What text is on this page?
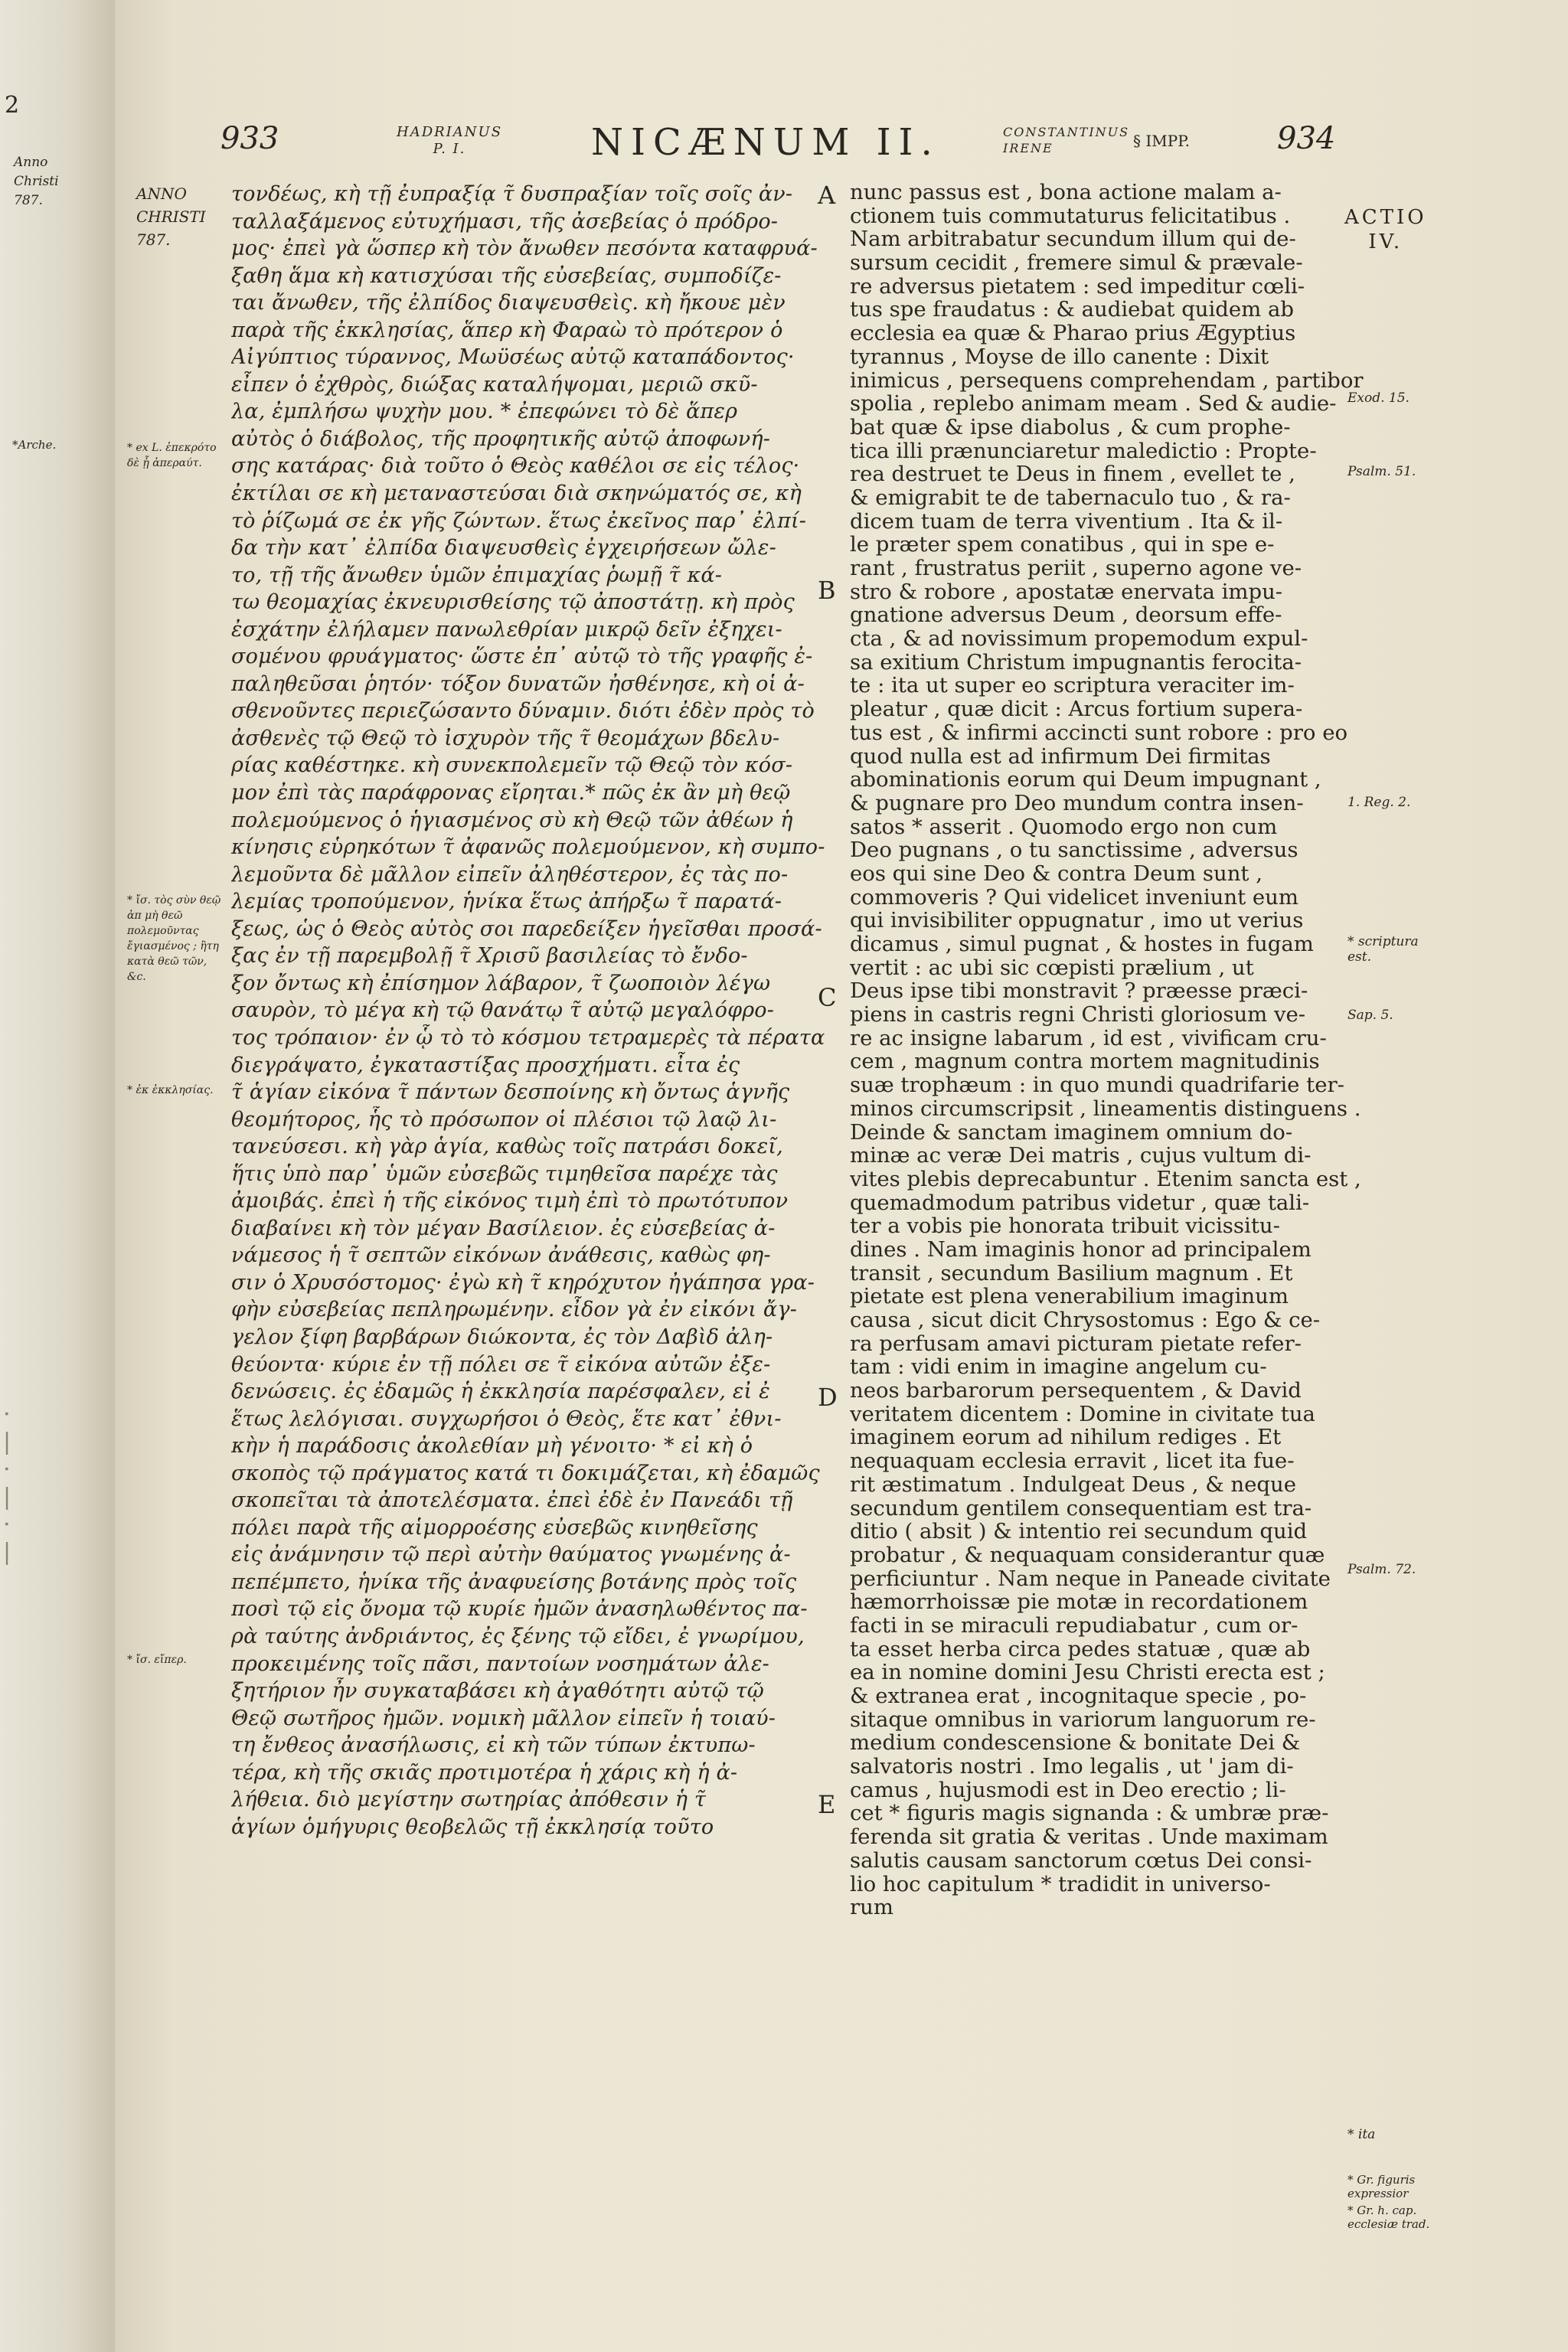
2
Anno
Christi
787.
*Arche.
·
|
·
|
·
|
933	HADRIANUS
P. I.	NICÆNUM II.	CONSTANTINUS
IRENE	§ IMPP.	934
ANNO
CHRISTI
787.
* ex L. ἐπεκρότο δὲ ᾗ ἀπεραύτ.
* ἴσ. τὸς σὺν θεῷ ἀπ μὴ θεῶ πολεμοῦντας ἔγιασμένος ; ἢτη κατὰ θεῶ τῶν, &c.
* ἐκ ἐκκλησίας.
* ἴσ. εἴπερ.
τονδέως, κὴ τῇ ἐυπραξίᾳ τ̃ δυσπραξίαν τοῖς σοῖς ἀν-
ταλλαξάμενος εὐτυχήμασι, τῆς ἀσεβείας ὁ πρόδρο-
μος· ἐπεὶ γὰ ὥσπερ κὴ τὸν ἄνωθεν πεσόντα καταφρυά-
ξαθη ἅμα κὴ κατισχύσαι τῆς εὐσεβείας, συμποδίζε-
ται ἄνωθεν, τῆς ἐλπίδος διαψευσθεὶς. κὴ ἤκουε μὲν
παρὰ τῆς ἐκκλησίας, ἅπερ κὴ Φαραὼ τὸ πρότερον ὁ
Αἰγύπτιος τύραννος, Μωϋσέως αὐτῷ καταπάδοντος·
εἶπεν ὁ ἐχθρὸς, διώξας καταλήψομαι, μεριῶ σκῦ-
λα, ἐμπλήσω ψυχὴν μου. * ἐπεφώνει τὸ δὲ ἅπερ
αὐτὸς ὁ διάβολος, τῆς προφητικῆς αὐτῷ ἀποφωνή-
σης κατάρας· διὰ τοῦτο ὁ Θεὸς καθέλοι σε εἰς τέλος·
ἐκτίλαι σε κὴ μεταναστεύσαι διὰ σκηνώματός σε, κὴ
τὸ ῥίζωμά σε ἐκ γῆς ζώντων. ἕτως ἐκεῖνος παρ᾽ ἐλπί-
δα τὴν κατ᾽ ἐλπίδα διαψευσθεὶς ἐγχειρήσεων ὤλε-
το, τῇ τῆς ἄνωθεν ὑμῶν ἐπιμαχίας ῥωμῇ τ̃ κά-
τω θεομαχίας ἐκνευρισθείσης τῷ ἀποστάτῃ. κὴ πρὸς
ἐσχάτην ἐλήλαμεν πανωλεθρίαν μικρῷ δεῖν ἐξηχει-
σομένου φρυάγματος· ὥστε ἐπ᾽ αὐτῷ τὸ τῆς γραφῆς ἐ-
παληθεῦσαι ῥητόν· τόξον δυνατῶν ἠσθένησε, κὴ οἱ ἀ-
σθενοῦντες περιεζώσαντο δύναμιν. διότι ἐδὲν πρὸς τὸ
ἀσθενὲς τῷ Θεῷ τὸ ἰσχυρὸν τῆς τ̃ θεομάχων βδελυ-
ρίας καθέστηκε. κὴ συνεκπολεμεῖν τῷ Θεῷ τὸν κόσ-
μον ἐπὶ τὰς παράφρονας εἴρηται.* πῶς ἐκ ἂν μὴ θεῷ
πολεμούμενος ὁ ἡγιασμένος σὺ κὴ Θεῷ τῶν ἀθέων ἡ
κίνησις εὑρηκότων τ̃ ἀφανῶς πολεμούμενον, κὴ συμπο-
λεμοῦντα δὲ μᾶλλον εἰπεῖν ἀληθέστερον, ἐς τὰς πο-
λεμίας τροπούμενον, ἡνίκα ἕτως ἀπήρξω τ̃ παρατά-
ξεως, ὡς ὁ Θεὸς αὐτὸς σοι παρεδείξεν ἡγεῖσθαι προσά-
ξας ἐν τῇ παρεμβολῇ τ̃ Χρισῦ βασιλείας τὸ ἔνδο-
ξον ὄντως κὴ ἐπίσημον λάβαρον, τ̃ ζωοποιὸν λέγω
σαυρὸν, τὸ μέγα κὴ τῷ θανάτῳ τ̃ αὐτῷ μεγαλόφρο-
τος τρόπαιον· ἐν ᾧ τὸ τὸ κόσμου τετραμερὲς τὰ πέρατα
διεγράψατο, ἐγκαταστίξας προσχήματι. εἶτα ἐς
τ̃ ἁγίαν εἰκόνα τ̃ πάντων δεσποίνης κὴ ὄντως ἁγνῆς
θεομήτορος, ἧς τὸ πρόσωπον οἱ πλέσιοι τῷ λαῷ λι-
τανεύσεσι. κὴ γὰρ ἁγία, καθὼς τοῖς πατράσι δοκεῖ,
ἥτις ὑπὸ παρ᾽ ὑμῶν εὐσεβῶς τιμηθεῖσα παρέχε τὰς
ἀμοιβάς. ἐπεὶ ἡ τῆς εἰκόνος τιμὴ ἐπὶ τὸ πρωτότυπον
διαβαίνει κὴ τὸν μέγαν Βασίλειον. ἐς εὐσεβείας ἀ-
νάμεσος ἡ τ̃ σεπτῶν εἰκόνων ἀνάθεσις, καθὼς φη-
σιν ὁ Χρυσόστομος· ἐγὼ κὴ τ̃ κηρόχυτον ἠγάπησα γρα-
φὴν εὐσεβείας πεπληρωμένην. εἶδον γὰ ἐν εἰκόνι ἄγ-
γελον ξίφη βαρβάρων διώκοντα, ἐς τὸν Δαβὶδ ἀλη-
θεύοντα· κύριε ἐν τῇ πόλει σε τ̃ εἰκόνα αὐτῶν ἐξε-
δενώσεις. ἐς ἐδαμῶς ἡ ἐκκλησία παρέσφαλεν, εἰ ἐ
ἕτως λελόγισαι. συγχωρήσοι ὁ Θεὸς, ἕτε κατ᾽ ἐθνι-
κὴν ἡ παράδοσις ἀκολεθίαν μὴ γένοιτο· * εἰ κὴ ὁ
σκοπὸς τῷ πράγματος κατά τι δοκιμάζεται, κὴ ἐδαμῶς
σκοπεῖται τὰ ἀποτελέσματα. ἐπεὶ ἐδὲ ἐν Πανεάδι τῇ
πόλει παρὰ τῆς αἱμορροέσης εὐσεβῶς κινηθεῖσης
εἰς ἀνάμνησιν τῷ περὶ αὐτὴν θαύματος γνωμένης ἀ-
πεπέμπετο, ἡνίκα τῆς ἀναφυείσης βοτάνης πρὸς τοῖς
ποσὶ τῷ εἰς ὄνομα τῷ κυρίε ἡμῶν ἀνασηλωθέντος πα-
ρὰ ταύτης ἀνδριάντος, ἐς ξένης τῷ εἴδει, ἐ γνωρίμου,
προκειμένης τοῖς πᾶσι, παντοίων νοσημάτων ἀλε-
ξητήριον ἦν συγκαταβάσει κὴ ἀγαθότητι αὐτῷ τῷ
Θεῷ σωτῆρος ἡμῶν. νομικὴ μᾶλλον εἰπεῖν ἡ τοιαύ-
τη ἔνθεος ἀνασήλωσις, εἰ κὴ τῶν τύπων ἐκτυπω-
τέρα, κὴ τῆς σκιᾶς προτιμοτέρα ἡ χάρις κὴ ἡ ἀ-
λήθεια. διὸ μεγίστην σωτηρίας ἀπόθεσιν ἡ τ̃
ἁγίων ὁμήγυρις θεοβελῶς τῇ ἐκκλησίᾳ τοῦτο
A
B
C
D
E
nunc passus est , bona actione malam a-
ctionem tuis commutaturus felicitatibus .
Nam arbitrabatur secundum illum qui de-
sursum cecidit , fremere simul & prævale-
re adversus pietatem : sed impeditur cœli-
tus spe fraudatus : & audiebat quidem ab
ecclesia ea quæ & Pharao prius Ægyptius
tyrannus , Moyse de illo canente : Dixit
inimicus , persequens comprehendam , partibor
spolia , replebo animam meam . Sed & audie-
bat quæ & ipse diabolus , & cum prophe-
tica illi prænunciaretur maledictio : Propte-
rea destruet te Deus in finem , evellet te ,
& emigrabit te de tabernaculo tuo , & ra-
dicem tuam de terra viventium . Ita & il-
le præter spem conatibus , qui in spe e-
rant , frustratus periit , superno agone ve-
stro & robore , apostatæ enervata impu-
gnatione adversus Deum , deorsum effe-
cta , & ad novissimum propemodum expul-
sa exitium Christum impugnantis ferocita-
te : ita ut super eo scriptura veraciter im-
pleatur , quæ dicit : Arcus fortium supera-
tus est , & infirmi accincti sunt robore : pro eo
quod nulla est ad infirmum Dei firmitas
abominationis eorum qui Deum impugnant ,
& pugnare pro Deo mundum contra insen-
satos * asserit . Quomodo ergo non cum
Deo pugnans , o tu sanctissime , adversus
eos qui sine Deo & contra Deum sunt ,
commoveris ? Qui videlicet inveniunt eum
qui invisibiliter oppugnatur , imo ut verius
dicamus , simul pugnat , & hostes in fugam
vertit : ac ubi sic cœpisti prælium , ut
Deus ipse tibi monstravit ? præesse præci-
piens in castris regni Christi gloriosum ve-
re ac insigne labarum , id est , vivificam cru-
cem , magnum contra mortem magnitudinis
suæ trophæum : in quo mundi quadrifarie ter-
minos circumscripsit , lineamentis distinguens .
Deinde & sanctam imaginem omnium do-
minæ ac veræ Dei matris , cujus vultum di-
vites plebis deprecabuntur . Etenim sancta est ,
quemadmodum patribus videtur , quæ tali-
ter a vobis pie honorata tribuit vicissitu-
dines . Nam imaginis honor ad principalem
transit , secundum Basilium magnum . Et
pietate est plena venerabilium imaginum
causa , sicut dicit Chrysostomus : Ego & ce-
ra perfusam amavi picturam pietate refer-
tam : vidi enim in imagine angelum cu-
neos barbarorum persequentem , & David
veritatem dicentem : Domine in civitate tua
imaginem eorum ad nihilum rediges . Et
nequaquam ecclesia erravit , licet ita fue-
rit æstimatum . Indulgeat Deus , & neque
secundum gentilem consequentiam est tra-
ditio ( absit ) & intentio rei secundum quid
probatur , & nequaquam considerantur quæ
perficiuntur . Nam neque in Paneade civitate
hæmorrhoissæ pie motæ in recordationem
facti in se miraculi repudiabatur , cum or-
ta esset herba circa pedes statuæ , quæ ab
ea in nomine domini Jesu Christi erecta est ;
& extranea erat , incognitaque specie , po-
sitaque omnibus in variorum languorum re-
medium condescensione & bonitate Dei &
salvatoris nostri . Imo legalis , ut ' jam di-
camus , hujusmodi est in Deo erectio ; li-
cet * figuris magis signanda : & umbræ præ-
ferenda sit gratia & veritas . Unde maximam
salutis causam sanctorum cœtus Dei consi-
lio hoc capitulum * tradidit in universo-
rum
ACTIO
IV.
Exod. 15.
Psalm. 51.
1. Reg. 2.
* scriptura est.
Sap. 5.
Psalm. 72.
* ita
* Gr. figuris expressior
* Gr. h. cap. ecclesiæ trad.
